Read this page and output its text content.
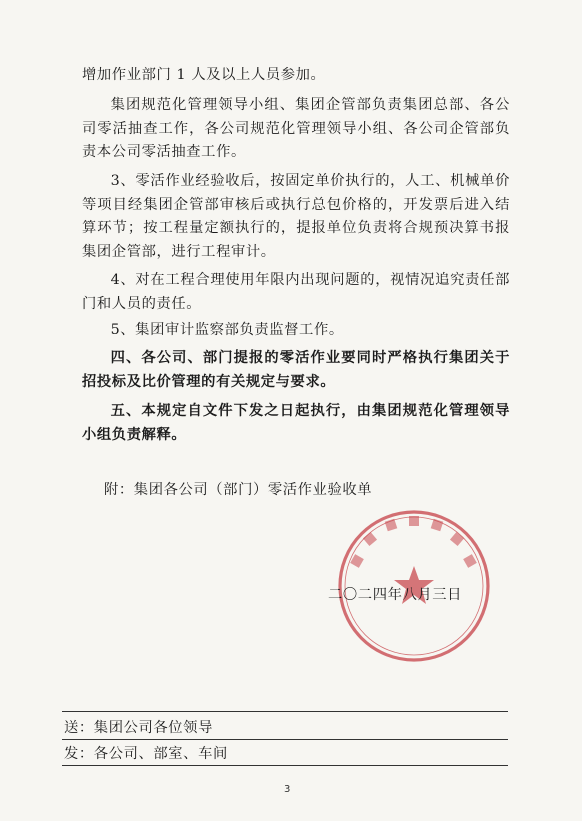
增加作业部门 1 人及以上人员参加。

集团规范化管理领导小组、集团企管部负责集团总部、各公司零活抽查工作，各公司规范化管理领导小组、各公司企管部负责本公司零活抽查工作。

3、零活作业经验收后，按固定单价执行的，人工、机械单价等项目经集团企管部审核后或执行总包价格的，开发票后进入结算环节；按工程量定额执行的，提报单位负责将合规预决算书报集团企管部，进行工程审计。

4、对在工程合理使用年限内出现问题的，视情况追究责任部门和人员的责任。

5、集团审计监察部负责监督工作。

四、各公司、部门提报的零活作业要同时严格执行集团关于招投标及比价管理的有关规定与要求。

五、本规定自文件下发之日起执行，由集团规范化管理领导小组负责解释。

附：集团各公司（部门）零活作业验收单
二〇二四年八月三日
送：集团公司各位领导
发：各公司、部室、车间
3
